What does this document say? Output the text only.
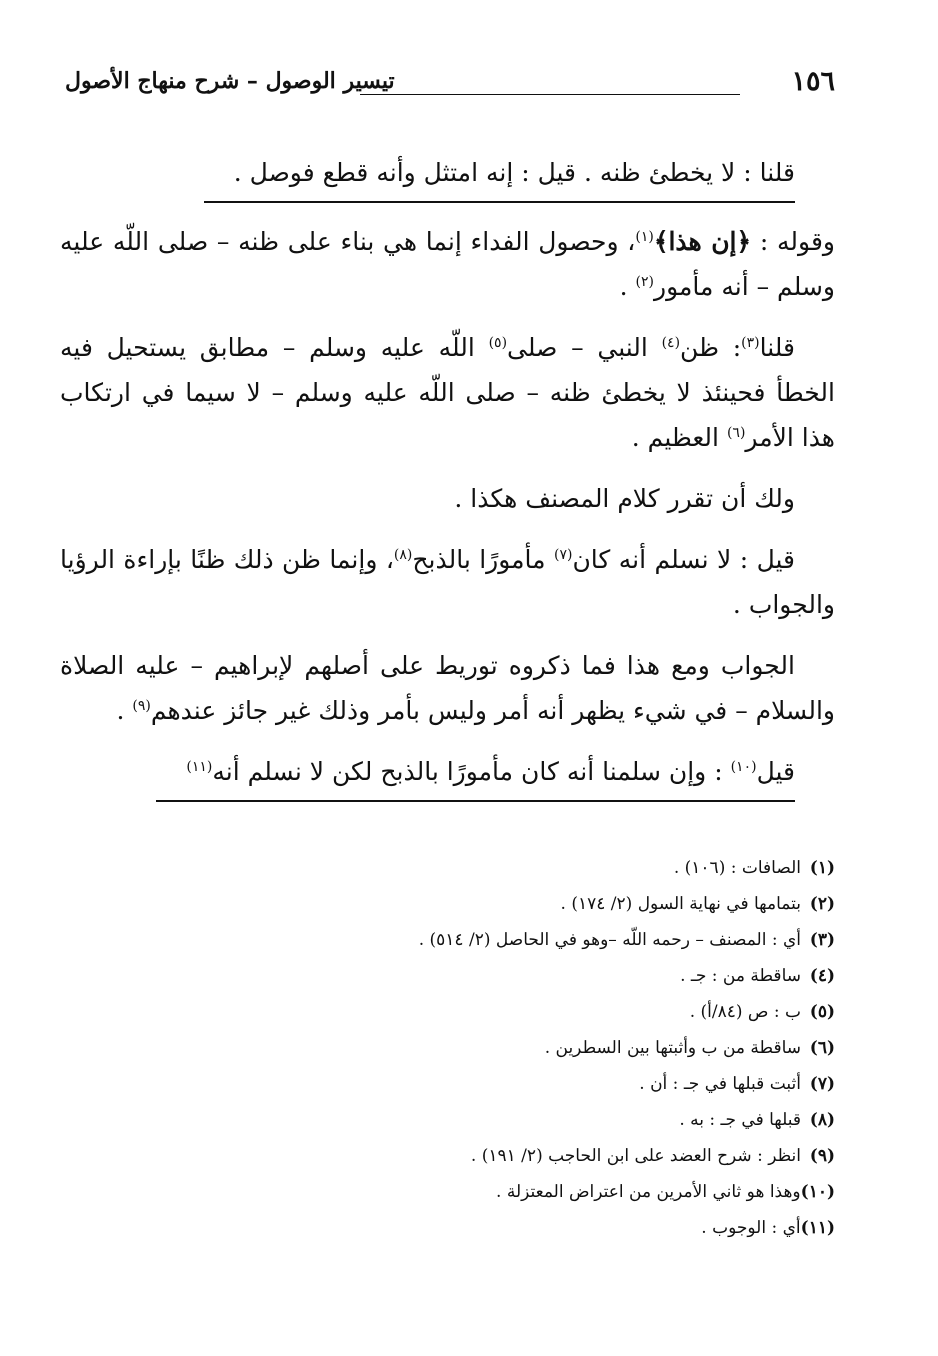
١٥٦
تيسير الوصول – شرح منهاج الأصول

قلنا : لا يخطئ ظنه . قيل : إنه امتثل وأنه قطع فوصل .

وقوله : ﴿إن هذا﴾$^{(١)}$، وحصول الفداء إنما هي بناء على ظنه – صلى اللّه عليه وسلم – أنه مأمور$^{(٢)}$ .

قلنا$^{(٣)}$: ظن$^{(٤)}$ النبي – صلى$^{(٥)}$ اللّه عليه وسلم – مطابق يستحيل فيه الخطأ فحينئذ لا يخطئ ظنه – صلى اللّه عليه وسلم – لا سيما في ارتكاب هذا الأمر$^{(٦)}$ العظيم .

ولك أن تقرر كلام المصنف هكذا .

قيل : لا نسلم أنه كان$^{(٧)}$ مأمورًا بالذبح$^{(٨)}$، وإنما ظن ذلك ظنًا بإراءة الرؤيا والجواب .

الجواب ومع هذا فما ذكروه توريط على أصلهم لإبراهيم – عليه الصلاة والسلام – في شيء يظهر أنه أمر وليس بأمر وذلك غير جائز عندهم$^{(٩)}$ .

قيل$^{(١٠)}$ : وإن سلمنا أنه كان مأمورًا بالذبح لكن لا نسلم أنه$^{(١١)}$

(١)الصافات : (١٠٦) .
(٢)بتمامها في نهاية السول (٢/ ١٧٤) .
(٣)أي : المصنف – رحمه اللّه –وهو في الحاصل (٢/ ٥١٤) .
(٤)ساقطة من : جـ .
(٥)ب : ص (٨٤/أ) .
(٦)ساقطة من ب وأثبتها بين السطرين .
(٧)أثبت قبلها في جـ : أن .
(٨)قبلها في جـ : به .
(٩)انظر : شرح العضد على ابن الحاجب (٢/ ١٩١) .
(١٠)وهذا هو ثاني الأمرين من اعتراض المعتزلة .
(١١)أي : الوجوب .
